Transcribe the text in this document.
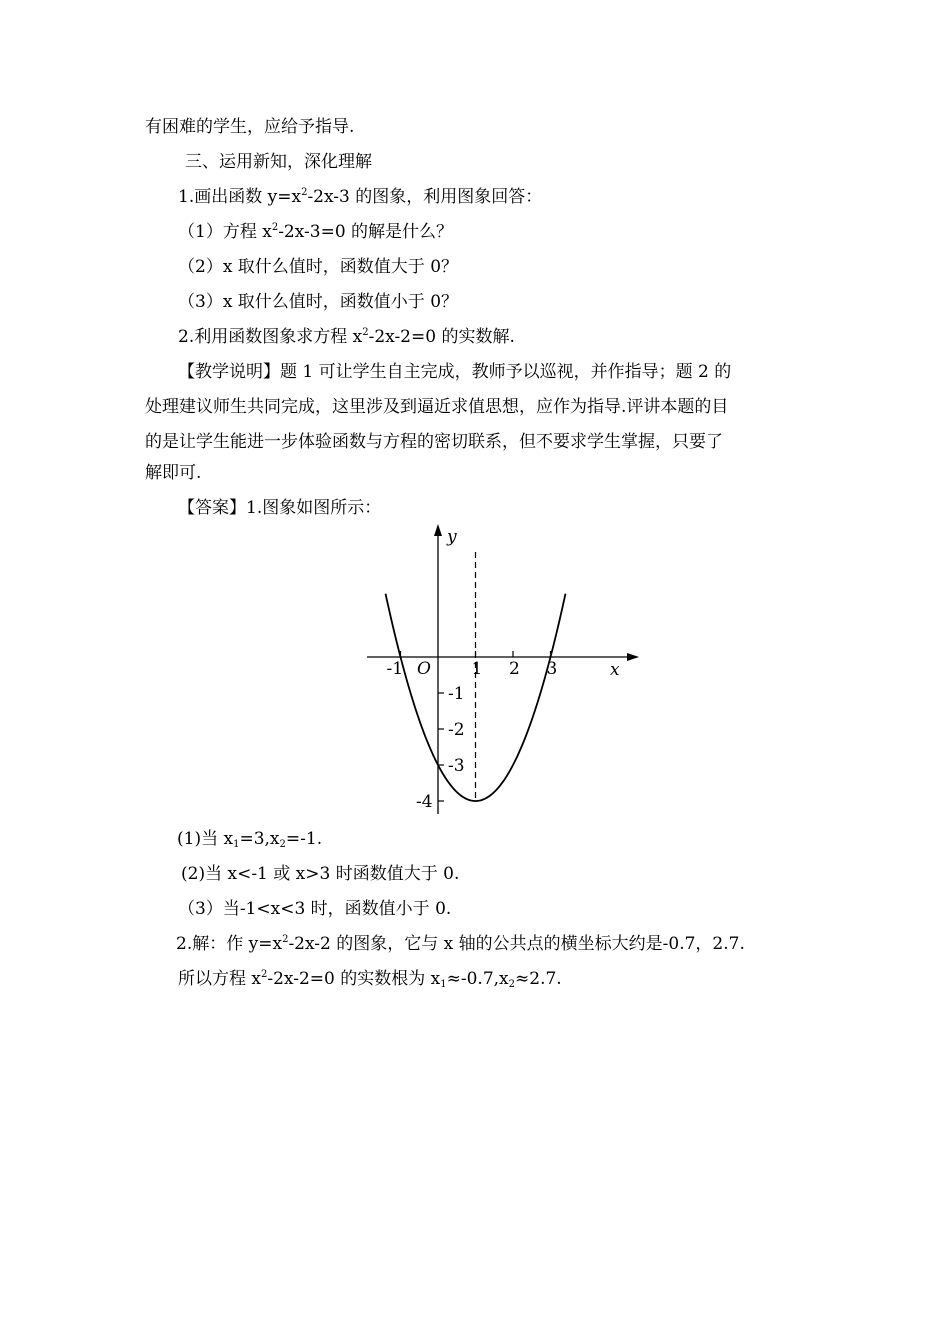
有困难的学生，应给予指导.

三、运用新知，深化理解

1.画出函数 $y=x^2-2x-3$ 的图象，利用图象回答：

（1）方程 $x^2-2x-3=0$ 的解是什么？

（2）x 取什么值时，函数值大于 0？

（3）x 取什么值时，函数值小于 0？

2.利用函数图象求方程 $x^2-2x-2=0$ 的实数解.

【教学说明】题 1 可让学生自主完成，教师予以巡视，并作指导；题 2 的

处理建议师生共同完成，这里涉及到逼近求值思想，应作为指导.评讲本题的目

的是让学生能进一步体验函数与方程的密切联系，但不要求学生掌握，只要了

解即可.

【答案】1.图象如图所示：

-1	1 2 3
-1
-2
-3
-4
x
y
O

(1)当 $x_1=3,x_2=-1$.

(2)当 x<-1 或 x>3 时函数值大于 0.

（3）当-1<x<3 时，函数值小于 0.

2.解：作 $y=x^2-2x-2$ 的图象，它与 x 轴的公共点的横坐标大约是-0.7，2.7.

所以方程 $x^2-2x-2=0$ 的实数根为 $x_1\approx-0.7,x_2\approx 2.7$.
